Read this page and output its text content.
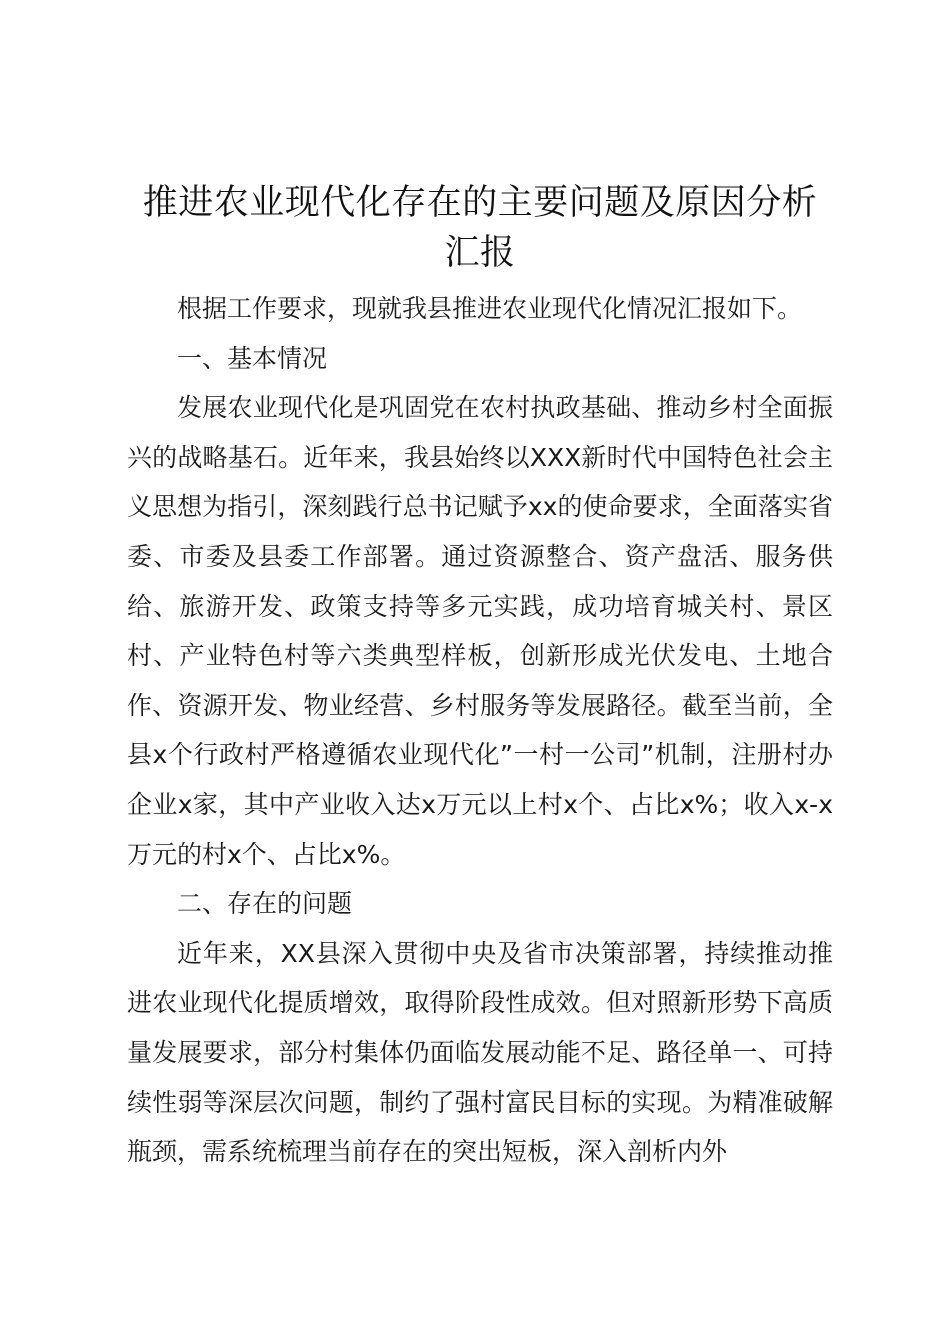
推进农业现代化存在的主要问题及原因分析汇报

根据工作要求，现就我县推进农业现代化情况汇报如下。

一、基本情况

发展农业现代化是巩固党在农村执政基础、推动乡村全面振兴的战略基石。近年来，我县始终以XXX新时代中国特色社会主义思想为指引，深刻践行总书记赋予xx的使命要求，全面落实省委、市委及县委工作部署。通过资源整合、资产盘活、服务供给、旅游开发、政策支持等多元实践，成功培育城关村、景区村、产业特色村等六类典型样板，创新形成光伏发电、土地合作、资源开发、物业经营、乡村服务等发展路径。截至当前，全县x个行政村严格遵循农业现代化”一村一公司”机制，注册村办企业x家，其中产业收入达x万元以上村x个、占比x%；收入x-x万元的村x个、占比x%。

二、存在的问题

近年来，XX县深入贯彻中央及省市决策部署，持续推动推进农业现代化提质增效，取得阶段性成效。但对照新形势下高质量发展要求，部分村集体仍面临发展动能不足、路径单一、可持续性弱等深层次问题，制约了强村富民目标的实现。为精准破解瓶颈，需系统梳理当前存在的突出短板，深入剖析内外
